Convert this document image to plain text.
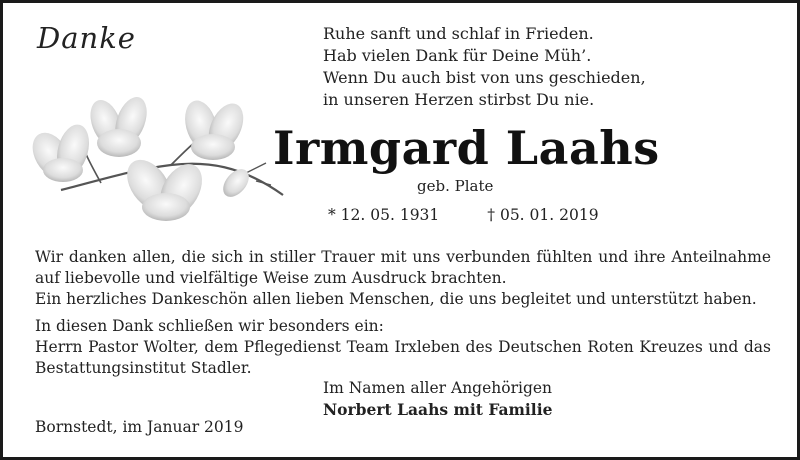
Danke	Ruhe sanft und schlaf in Frieden.
Hab vielen Dank für Deine Müh’.
Wenn Du auch bist von uns geschieden,
in unseren Herzen stirbst Du nie.
Irmgard Laahs
geb. Plate
* 12. 05. 1931	† 05. 01. 2019

Wir danken allen, die sich in stiller Trauer mit uns verbunden fühlten und ihre Anteilnahme auf liebevolle und vielfältige Weise zum Ausdruck brachten.

Ein herzliches Dankeschön allen lieben Menschen, die uns begleitet und unterstützt haben.

In diesen Dank schließen wir besonders ein:

Herrn Pastor Wolter, dem Pflegedienst Team Irxleben des Deutschen Roten Kreuzes und das Bestattungsinstitut Stadler.

Im Namen aller Angehörigen
Norbert Laahs mit Familie
Bornstedt, im Januar 2019
